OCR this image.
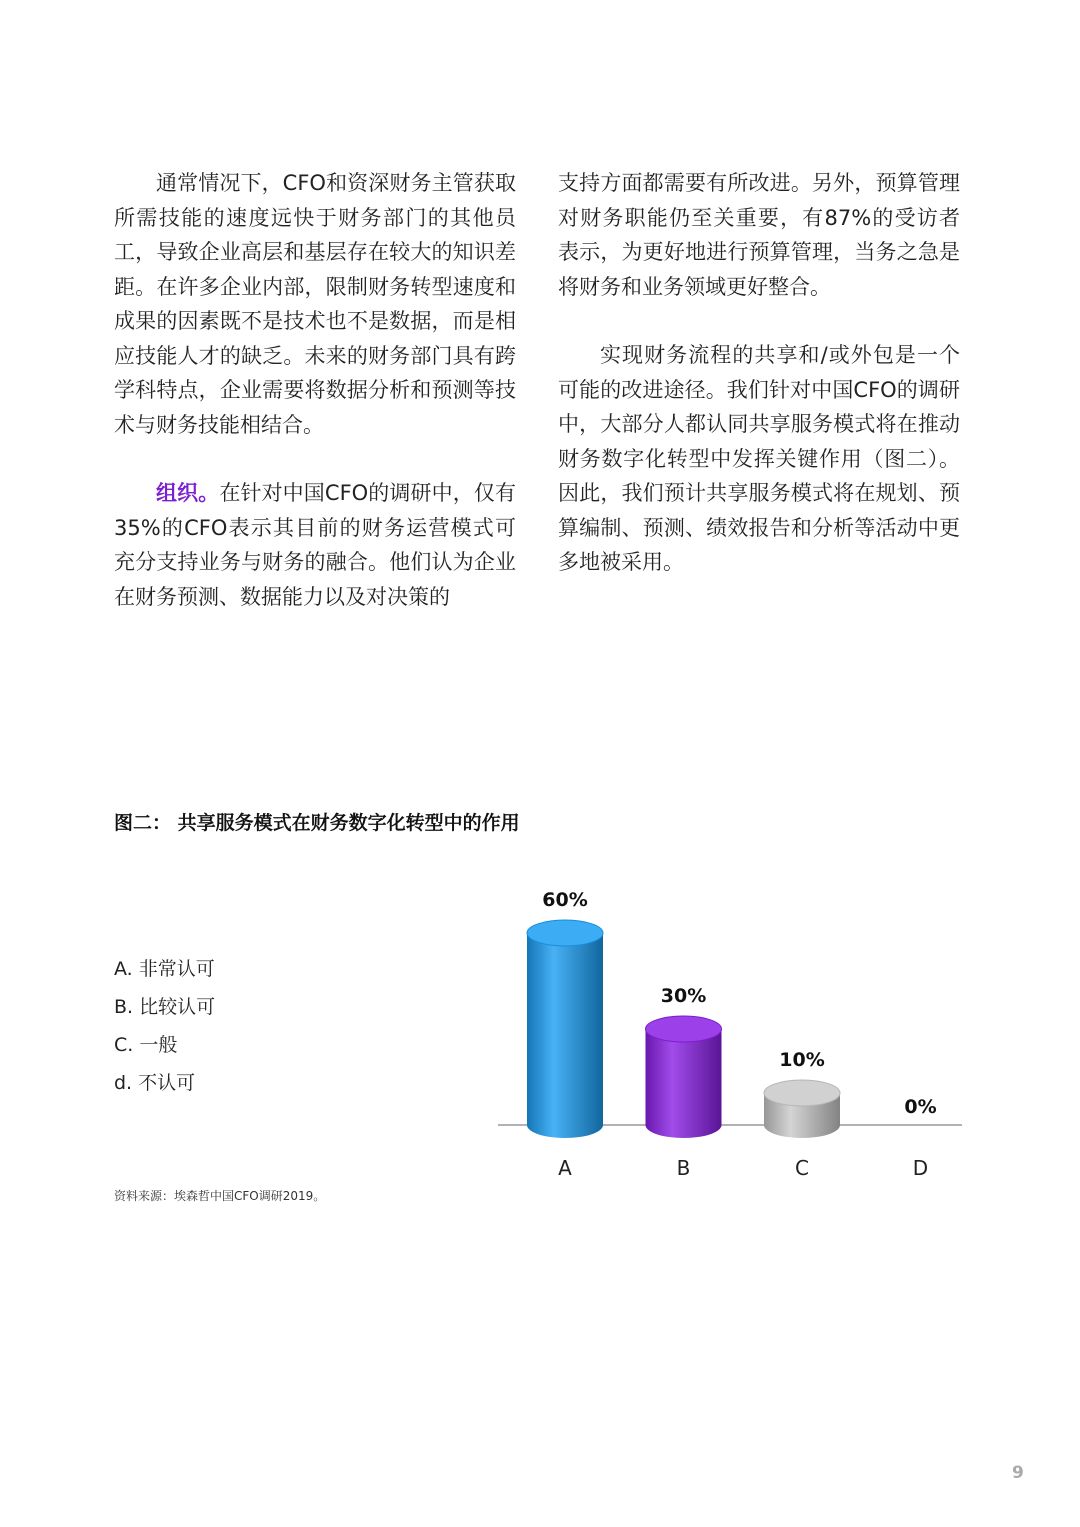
通常情况下，CFO和资深财务主管获取所需技能的速度远快于财务部门的其他员工，导致企业高层和基层存在较大的知识差距。在许多企业内部，限制财务转型速度和成果的因素既不是技术也不是数据，而是相应技能人才的缺乏。未来的财务部门具有跨学科特点，企业需要将数据分析和预测等技术与财务技能相结合。

组织。在针对中国CFO的调研中，仅有35%的CFO表示其目前的财务运营模式可充分支持业务与财务的融合。他们认为企业在财务预测、数据能力以及对决策的

支持方面都需要有所改进。另外，预算管理对财务职能仍至关重要，有87%的受访者表示，为更好地进行预算管理，当务之急是将财务和业务领域更好整合。

实现财务流程的共享和/或外包是一个可能的改进途径。我们针对中国CFO的调研中，大部分人都认同共享服务模式将在推动财务数字化转型中发挥关键作用（图二）。因此，我们预计共享服务模式将在规划、预算编制、预测、绩效报告和分析等活动中更多地被采用。

图二： 共享服务模式在财务数字化转型中的作用
A. 非常认可
B. 比较认可
C. 一般
d. 不认可
60%
A
30%
B
10%
C
0%
D
资料来源：埃森哲中国CFO调研2019。
9
